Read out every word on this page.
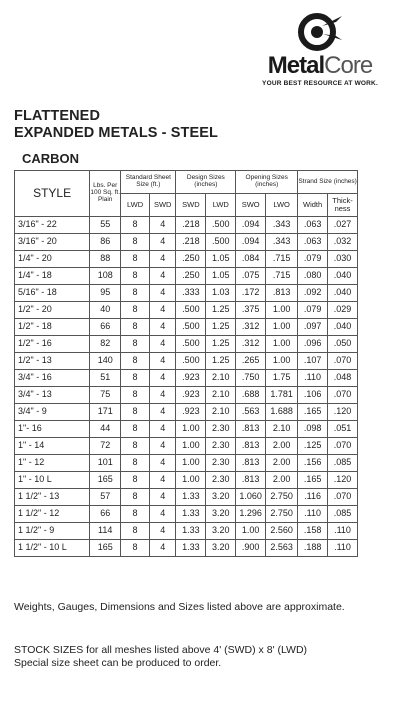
MetalCore
YOUR BEST RESOURCE AT WORK.
FLATTENED
EXPANDED METALS - STEEL
CARBON
STYLE	Lbs. Per 100 Sq. ft. Plain	Standard Sheet Size (ft.)		Design Sizes (inches)		Opening Sizes (inches)		Strand Size (inches)	
		LWD	SWD	SWD	LWD	SWO	LWO	Width	Thick- ness
3/16" - 22	55	8	4	.218	.500	.094	.343	.063	.027
3/16" - 20	86	8	4	.218	.500	.094	.343	.063	.032
1/4" - 20	88	8	4	.250	1.05	.084	.715	.079	.030
1/4" - 18	108	8	4	.250	1.05	.075	.715	.080	.040
5/16" - 18	95	8	4	.333	1.03	.172	.813	.092	.040
1/2" - 20	40	8	4	.500	1.25	.375	1.00	.079	.029
1/2" - 18	66	8	4	.500	1.25	.312	1.00	.097	.040
1/2" - 16	82	8	4	.500	1.25	.312	1.00	.096	.050
1/2" - 13	140	8	4	.500	1.25	.265	1.00	.107	.070
3/4" - 16	51	8	4	.923	2.10	.750	1.75	.110	.048
3/4" - 13	75	8	4	.923	2.10	.688	1.781	.106	.070
3/4" - 9	171	8	4	.923	2.10	.563	1.688	.165	.120
1"- 16	44	8	4	1.00	2.30	.813	2.10	.098	.051
1" - 14	72	8	4	1.00	2.30	.813	2.00	.125	.070
1" - 12	101	8	4	1.00	2.30	.813	2.00	.156	.085
1" - 10 L	165	8	4	1.00	2.30	.813	2.00	.165	.120
1 1/2" - 13	57	8	4	1.33	3.20	1.060	2.750	.116	.070
1 1/2" - 12	66	8	4	1.33	3.20	1.296	2.750	.110	.085
1 1/2" - 9	114	8	4	1.33	3.20	1.00	2.560	.158	.110
1 1/2" - 10 L	165	8	4	1.33	3.20	.900	2.563	.188	.110
Weights, Gauges, Dimensions and Sizes listed above are approximate.
STOCK SIZES for all meshes listed above 4' (SWD) x 8' (LWD)
Special size sheet can be produced to order.
